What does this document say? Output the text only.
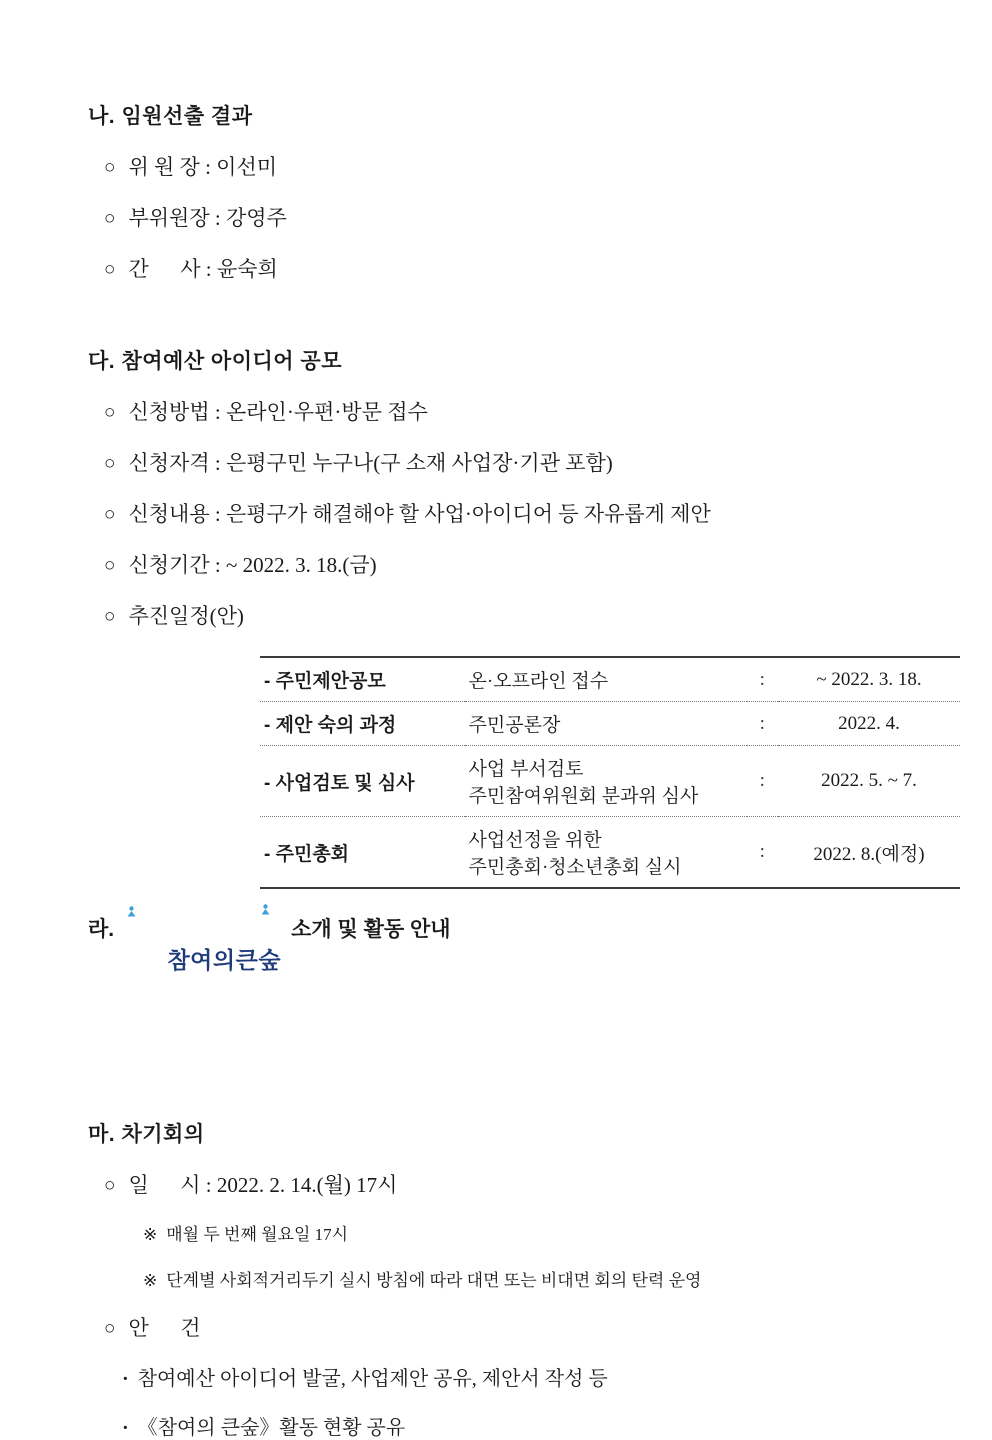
나. 임원선출 결과
○ 위 원 장 : 이선미
○ 부위원장 : 강영주
○ 간      사 : 윤숙희
다. 참여예산 아이디어 공모
○ 신청방법 : 온라인·우편·방문 접수
○ 신청자격 : 은평구민 누구나(구 소재 사업장·기관 포함)
○ 신청내용 : 은평구가 해결해야 할 사업·아이디어 등 자유롭게 제안
○ 신청기간 : ~ 2022. 3. 18.(금)
○ 추진일정(안)
- 주민제안공모	온·오프라인 접수	:	~ 2022. 3. 18.
- 제안 숙의 과정	주민공론장	:	2022. 4.
- 사업검토 및 심사	사업 부서검토
주민참여위원회 분과위 심사	:	2022. 5. ~ 7.
- 주민총회	사업선정을 위한
주민총회·청소년총회 실시	:	2022. 8.(예정)
라.

참여의큰숲

소개 및 활동 안내
마. 차기회의
○ 일      시 : 2022. 2. 14.(월) 17시
※ 매월 두 번째 월요일 17시
※ 단계별 사회적거리두기 실시 방침에 따라 대면 또는 비대면 회의 탄력 운영
○ 안      건
· 참여예산 아이디어 발굴, 사업제안 공유, 제안서 작성 등
· 《참여의 큰숲》활동 현황 공유
